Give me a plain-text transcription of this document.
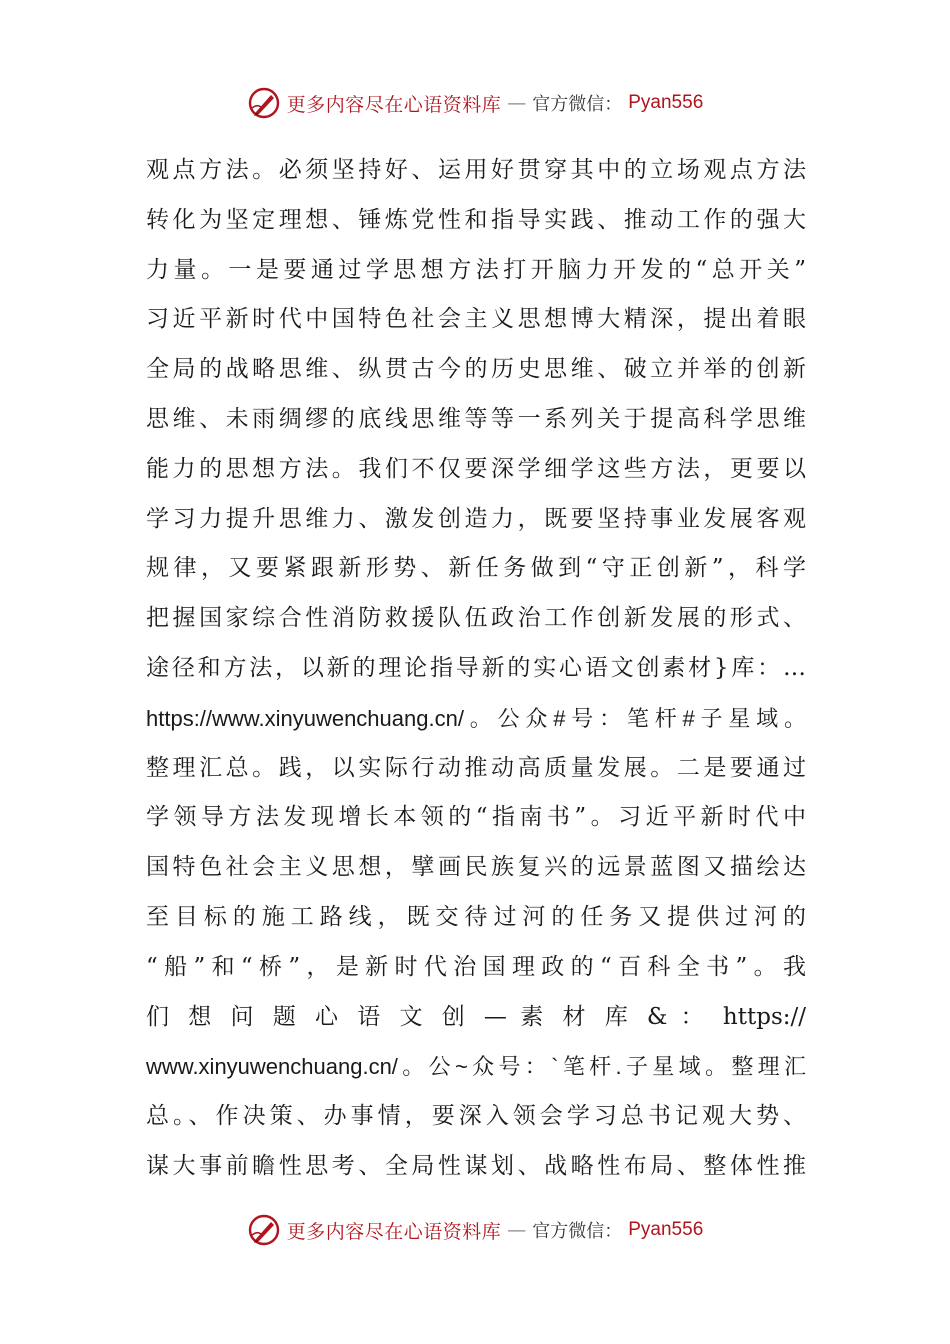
更多内容尽在心语资料库 — 官方微信： Pyan556
观点方法。必须坚持好、运用好贯穿其中的立场观点方法
转化为坚定理想、锤炼党性和指导实践、推动工作的强大
力量。一是要通过学思想方法打开脑力开发的“总开关”
习近平新时代中国特色社会主义思想博大精深，提出着眼
全局的战略思维、纵贯古今的历史思维、破立并举的创新
思维、未雨绸缪的底线思维等等一系列关于提高科学思维
能力的思想方法。我们不仅要深学细学这些方法，更要以
学习力提升思维力、激发创造力，既要坚持事业发展客观
规律，又要紧跟新形势、新任务做到“守正创新”，科学
把握国家综合性消防救援队伍政治工作创新发展的形式、
途径和方法，以新的理论指导新的实心语文创素材}库：…
https://www.xinyuwenchuang.cn/。公众#号：笔杆#子星域。
整理汇总。践，以实际行动推动高质量发展。二是要通过
学领导方法发现增长本领的“指南书”。习近平新时代中
国特色社会主义思想，擘画民族复兴的远景蓝图又描绘达
至目标的施工路线，既交待过河的任务又提供过河的
“船”和“桥”，是新时代治国理政的“百科全书”。我
们 想 问 题 心 语 文 创 — 素 材 库 & ： https://
www.xinyuwenchuang.cn/。公~众号：`笔杆.子星域。整理汇
总。、作决策、办事情，要深入领会学习总书记观大势、
谋大事前瞻性思考、全局性谋划、战略性布局、整体性推
更多内容尽在心语资料库 — 官方微信： Pyan556
